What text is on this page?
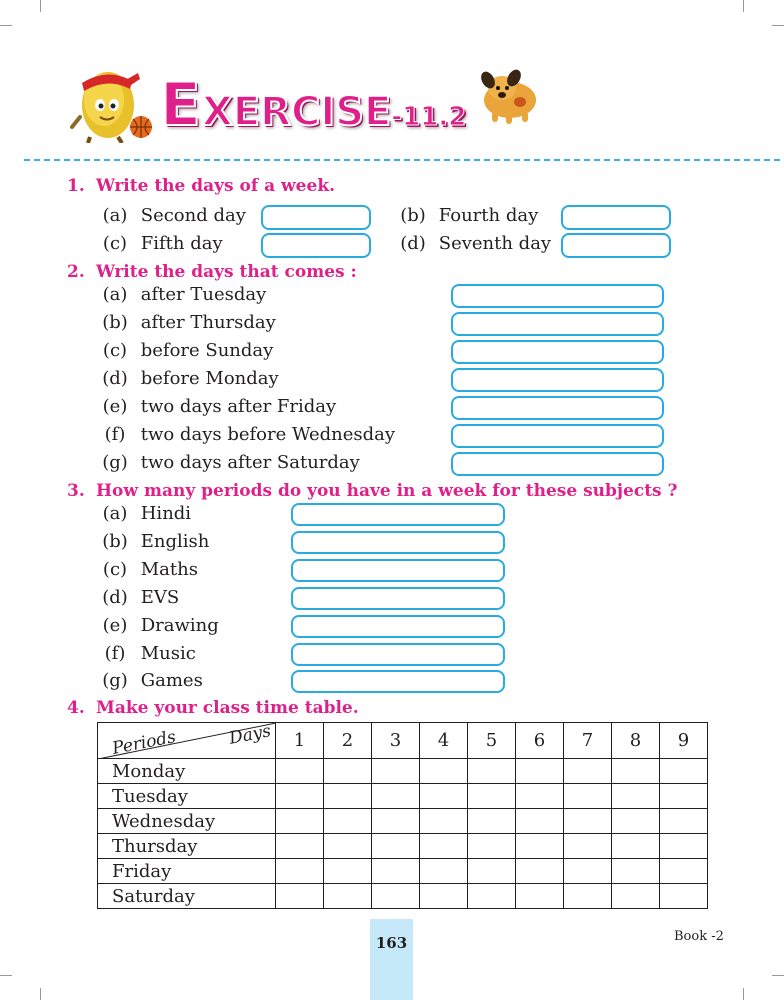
EXERCISE-11.2
1. Write the days of a week.
(a) Second day	(b) Fourth day
(c) Fifth day	(d) Seventh day
2. Write the days that comes :
(a) after Tuesday
(b) after Thursday
(c) before Sunday
(d) before Monday
(e) two days after Friday
(f) two days before Wednesday
(g) two days after Saturday
3. How many periods do you have in a week for these subjects ?
(a) Hindi
(b) English
(c) Maths
(d) EVS
(e) Drawing
(f) Music
(g) Games
4. Make your class time table.
Periods Days	1	2	3	4	5	6	7	8	9
Monday									
Tuesday									
Wednesday									
Thursday									
Friday									
Saturday									
163	Book -2
